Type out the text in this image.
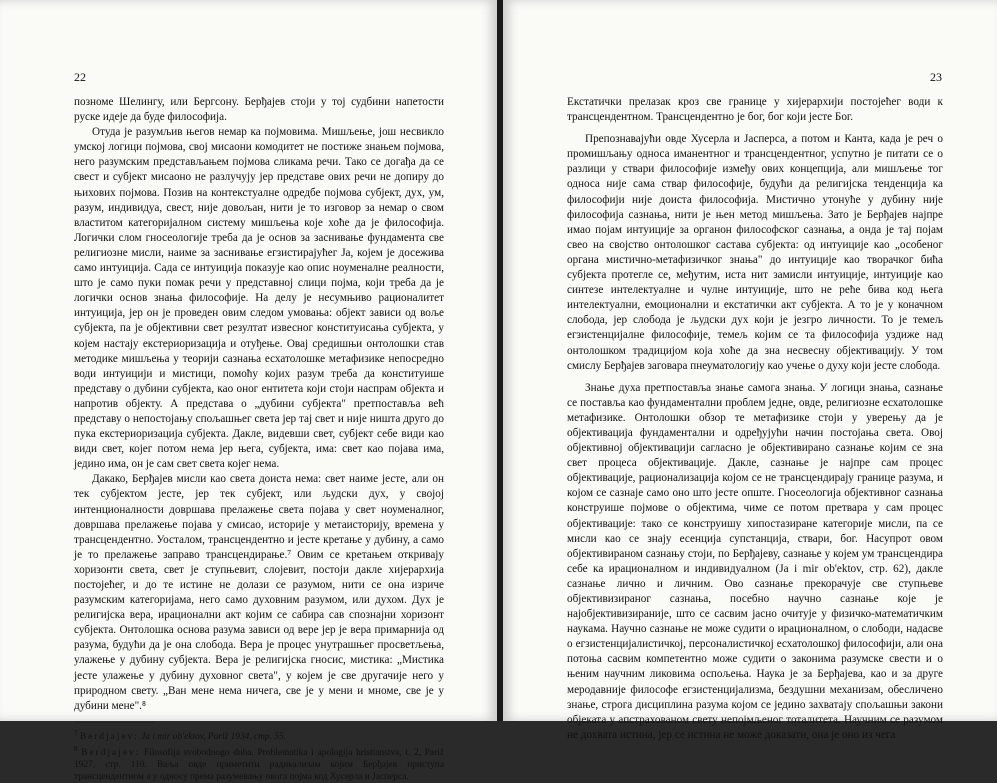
22

позноме Шелингу, или Бергсону. Берђајев стоји у тој судбини напетости руске идеје да буде философија.

Отуда је разумљив његов немар ка појмовима. Мишљење, још несвикло умској логици појмова, свој мисаони комодитет не постиже знањем појмова, него разумским представљањем појмова сликама речи. Тако се догађа да се свест и субјект мисаоно не разлучују јер представе ових речи не допиру до њихових појмова. Позив на контекстуалне одредбе појмова субјект, дух, ум, разум, индивидуа, свест, није довољан, нити је то изговор за немар о свом властитом категоријалном систему мишљења које хоће да је философија. Логички слом гносеологије треба да је основ за заснивање фундамента све религиозне мисли, наиме за заснивање егзистирајућег Ја, којем је досежива само интуиција. Сада се интуиција показује као опис ноуменалне реалности, што је само пуки помак речи у представној слици појма, који треба да је логички основ знања философије. На делу је несумњиво рационалитет интуиција, јер он је проведен овим следом умовања: објект зависи од воље субјекта, па је објективни свет резултат извесног конституисања субјекта, у којем настају екстериоризација и отуђење. Овај средишњи онтолошки став методике мишљења у теорији сазнања есхатолошке метафизике непосредно води интуицији и мистици, помоћу којих разум треба да конституише представу о дубини субјекта, као оног ентитета који стоји наспрам објекта и напротив објекту. А представа о „дубини субјекта" претпоставља већ представу о непостојању спољашњег света јер тај свет и није ништа друго до пука екстериоризација субјекта. Дакле, видевши свет, субјект себе види као види свет, којег потом нема јер њега, субјекта, има: свет као појава има, једино има, он је сам свет света којег нема.

Дакако, Берђајев мисли као света доиста нема: свет наиме јесте, али он тек субјектом јесте, јер тек субјект, или људски дух, у својој интенционалности довршава прелажење света појава у свет ноуменалног, довршава прелажење појава у смисао, историје у метаисторију, времена у трансцендентно. Уосталом, трансцендентно и јесте кретање у дубину, а само је то прелажење заправо трансцендирање.⁷ Овим се кретањем откривају хоризонти света, свет је ступњевит, слојевит, постоји дакле хијерархија постојећег, и до те истине не долази се разумом, нити се она изриче разумским категоријама, него само духовним разумом, или духом. Дух је религијска вера, ирационални акт којим се сабира сав спознајни хоризонт субјекта. Онтолошка основа разума зависи од вере јер је вера примарнија од разума, будући да је она слобода. Вера је процес унутрашњег просветљења, улажење у дубину субјекта. Вера је религијска гносис, мистика: „Мистика јесте улажење у дубину духовног света", у којем је све другачије него у природном свету. „Ван мене нема ничега, све је у мени и мноме, све је у дубини мене".⁸

$^7$ Berdjajev: Ja i mir ob'ektov, Pariž 1934, стр. 55.

$^8$ Berdjajev: Filosofija svobodnogo duha. Problematika i apologija hristianstva, t. 2, Pariž 1927, стр. 110. Ваља овде приметити радикализам којим Берђајев приступа трансцендентном а у односу према разумевању овога појма код Хусерла и Јасперса.

23

Екстатички прелазак кроз све границе у хијерархији постојећег води к трансцендентном. Трансцендентно је бог, бог који јесте Бог.

Препознавајући овде Хусерла и Јасперса, а потом и Канта, када је реч о промишљању односа иманентног и трансцендентног, успутно је питати се о разлици у ствари философије између ових концепција, али мишљење тог односа није сама ствар философије, будући да религијска тенденција ка философији није доиста философија. Мистично утонуће у дубину није философија сазнања, нити је њен метод мишљења. Зато је Берђајев најпре имао појам интуиције за органон философског сазнања, а онда је тај појам свео на својство онтолошког састава субјекта: од интуиције као „особеног органа мистично-метафизичког знања" до интуиције као творачког бића субјекта протегле се, међутим, иста нит замисли интуиције, интуиције као синтезе интелектуалне и чулне интуиције, што не реће бива код њега интелектуални, емоционални и екстатички акт субјекта. А то је у коначном слобода, јер слобода је људски дух који је језгро личности. То је темељ егзистенцијалне философије, темељ којим се та философија уздиже над онтолошком традицијом која хоће да зна несвесну објективацију. У том смислу Берђајев заговара пнеуматологију као учење о духу који јесте слобода.

Знање духа претпоставља знање самога знања. У логици знања, сазнање се поставља као фундаментални проблем једне, овде, религиозне есхатолошке метафизике. Онтолошки обзор те метафизике стоји у уверењу да је објективација фундаментални и одређујући начин постојања света. Овој објективној објективацији сагласно је објективирано сазнање којим се зна свет процеса објективације. Дакле, сазнање је најпре сам процес објективације, рационализација којом се не трансцендирају границе разума, и којом се сазнаје само оно што јесте опште. Гносеологија објективног сазнања конструише појмове о објектима, чиме се потом претвара у сам процес објективације: тако се конструишу хипостазиране категорије мисли, па се мисли као се знају есенција супстанција, ствари, бог. Насупрот овом објективираном сазнању стоји, по Берђајеву, сазнање у којем ум трансцендира себе ка ирационалном и индивидуалном (Ja i mir ob'ektov, стр. 62), дакле сазнање лично и личним. Ово сазнање прекорачује све ступњеве објективизираног сазнања, посебно научно сазнање које је најобјективизираније, што се сасвим јасно очитује у физичко-математичким наукама. Научно сазнање не може судити о ирационалном, о слободи, надасве о егзистенцијалистичкој, персоналистичкој есхатолошкој философији, али она потоња сасвим компетентно може судити о законима разумске свести и о њеним научним ликовима оспољења. Наука је за Берђајева, као и за друге меродавније философе егзистенцијализма, бездушни механизам, обесличено знање, строга дисциплина разума којом се једино захватају спољашњи закони објеката у апстрахованом свету непојмљеног тоталитета. Научним се разумом не дохвата истина, јер се истина не може доказати, она је оно из чега
